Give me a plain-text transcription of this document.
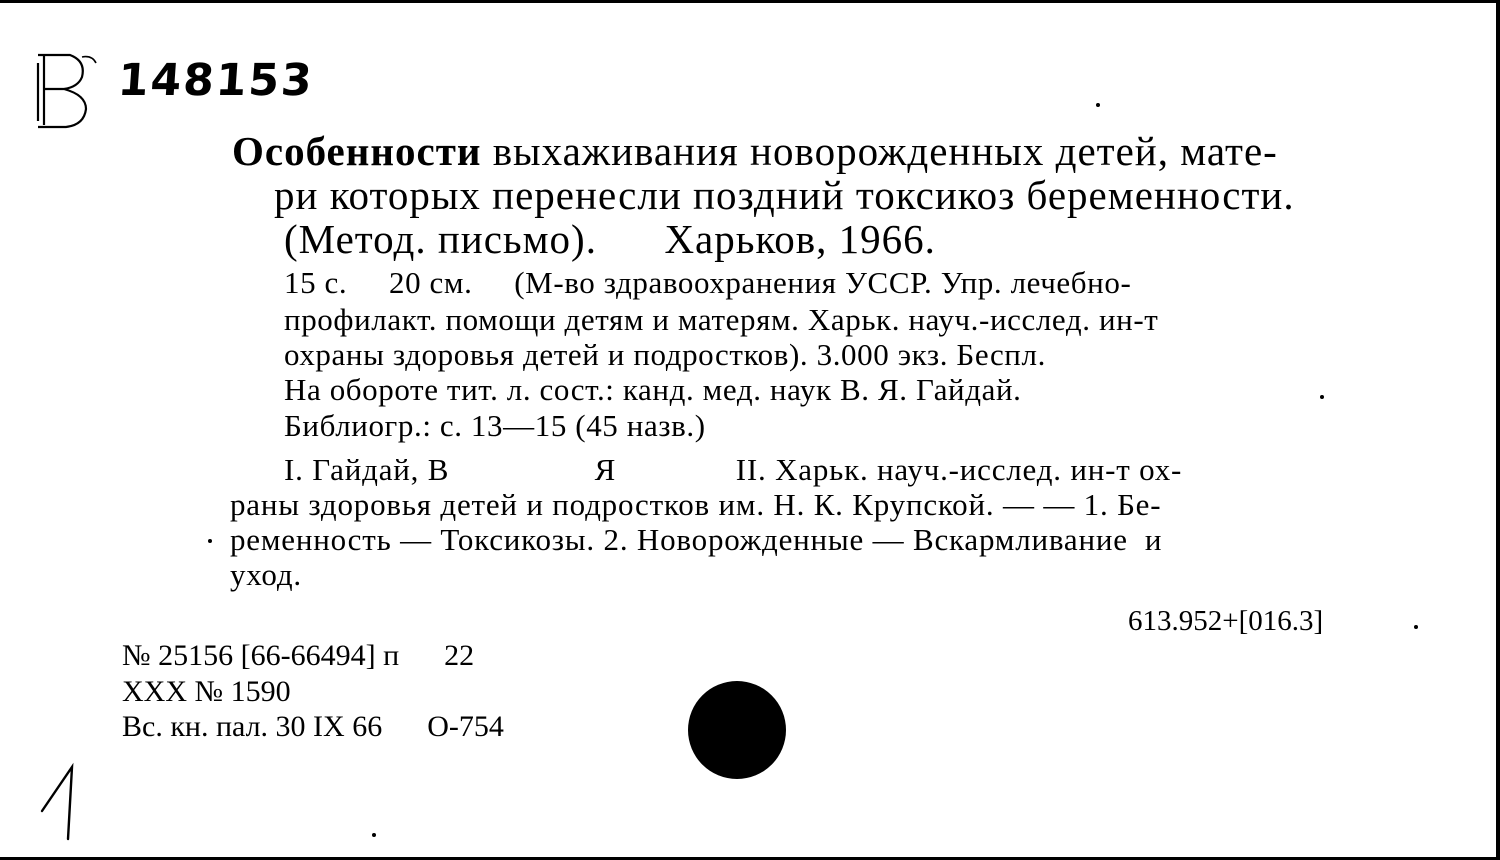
148153
Особенности выхаживания новорожденных детей, мате-
ри которых перенесли поздний токсикоз беременности.
(Метод. письмо).      Харьков, 1966.
15 с.     20 см.     (М-во здравоохранения УССР. Упр. лечебно-
профилакт. помощи детям и матерям. Харьк. науч.-исслед. ин-т
охраны здоровья детей и подростков). 3.000 экз. Беспл.
На обороте тит. л. сост.: канд. мед. наук В. Я. Гайдай.
Библиогр.: с. 13—15 (45 назв.)
I. Гайдай, В                 Я              II. Харьк. науч.-исслед. ин-т ох-
раны здоровья детей и подростков им. Н. К. Крупской. — — 1. Бе-
ременность — Токсикозы. 2. Новорожденные — Вскармливание  и
уход.
613.952+[016.3]
№ 25156 [66-66494] п      22
XXX № 1590
Вс. кн. пал. 30 IX 66      О-754
